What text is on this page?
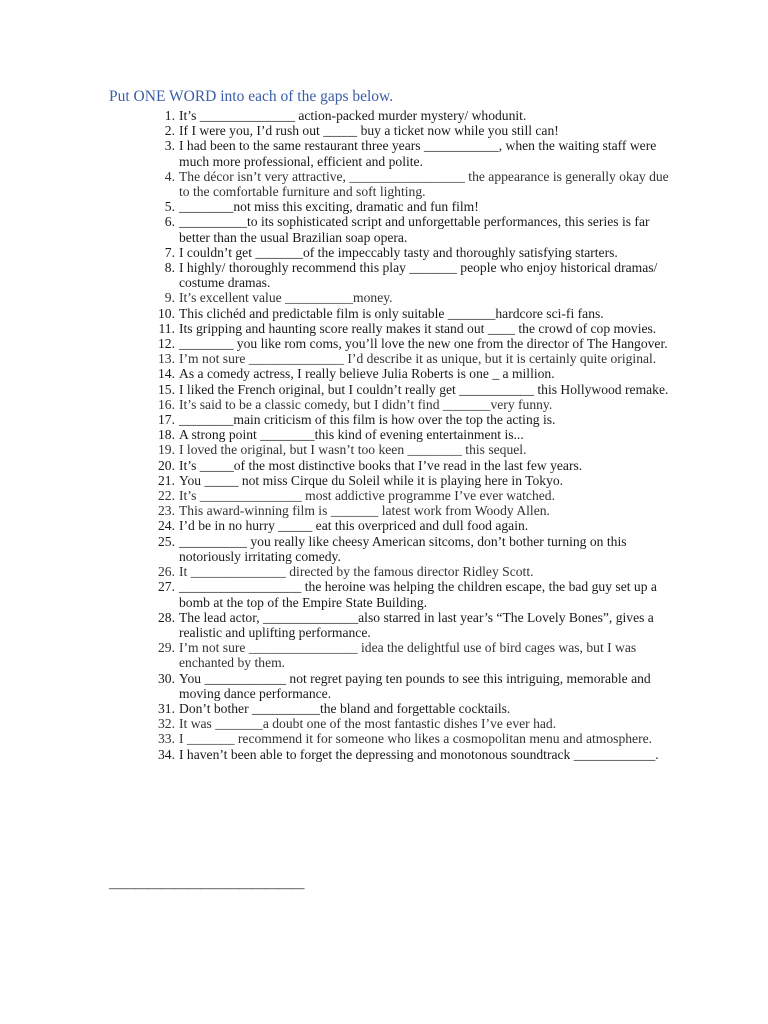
Put ONE WORD into each of the gaps below.
1. It’s ______________ action-packed murder mystery/ whodunit.
2. If I were you, I’d rush out _____ buy a ticket now while you still can!
3. I had been to the same restaurant three years ___________, when the waiting staff were much more professional, efficient and polite.
4. The décor isn’t very attractive, _________________ the appearance is generally okay due to the comfortable furniture and soft lighting.
5. ________not miss this exciting, dramatic and fun film!
6. __________to its sophisticated script and unforgettable performances, this series is far better than the usual Brazilian soap opera.
7. I couldn’t get _______of the impeccably tasty and thoroughly satisfying starters.
8. I highly/ thoroughly recommend this play _______ people who enjoy historical dramas/ costume dramas.
9. It’s excellent value __________money.
10. This clichéd and predictable film is only suitable _______hardcore sci-fi fans.
11. Its gripping and haunting score really makes it stand out ____ the crowd of cop movies.
12. ________ you like rom coms, you’ll love the new one from the director of The Hangover.
13. I’m not sure ______________ I’d describe it as unique, but it is certainly quite original.
14. As a comedy actress, I really believe Julia Roberts is one _ a million.
15. I liked the French original, but I couldn’t really get ___________ this Hollywood remake.
16. It’s said to be a classic comedy, but I didn’t find _______very funny.
17. ________main criticism of this film is how over the top the acting is.
18. A strong point ________this kind of evening entertainment is...
19. I loved the original, but I wasn’t too keen ________ this sequel.
20. It’s _____of the most distinctive books that I’ve read in the last few years.
21. You _____ not miss Cirque du Soleil while it is playing here in Tokyo.
22. It’s _______________ most addictive programme I’ve ever watched.
23. This award-winning film is _______ latest work from Woody Allen.
24. I’d be in no hurry _____ eat this overpriced and dull food again.
25. __________ you really like cheesy American sitcoms, don’t bother turning on this notoriously irritating comedy.
26. It ______________ directed by the famous director Ridley Scott.
27. __________________ the heroine was helping the children escape, the bad guy set up a bomb at the top of the Empire State Building.
28. The lead actor, ______________also starred in last year’s “The Lovely Bones”, gives a realistic and uplifting performance.
29. I’m not sure ________________ idea the delightful use of bird cages was, but I was enchanted by them.
30. You ____________ not regret paying ten pounds to see this intriguing, memorable and moving dance performance.
31. Don’t bother __________the bland and forgettable cocktails.
32. It was _______a doubt one of the most fantastic dishes I’ve ever had.
33. I _______ recommend it for someone who likes a cosmopolitan menu and atmosphere.
34. I haven’t been able to forget the depressing and monotonous soundtrack ____________.
———————————————
